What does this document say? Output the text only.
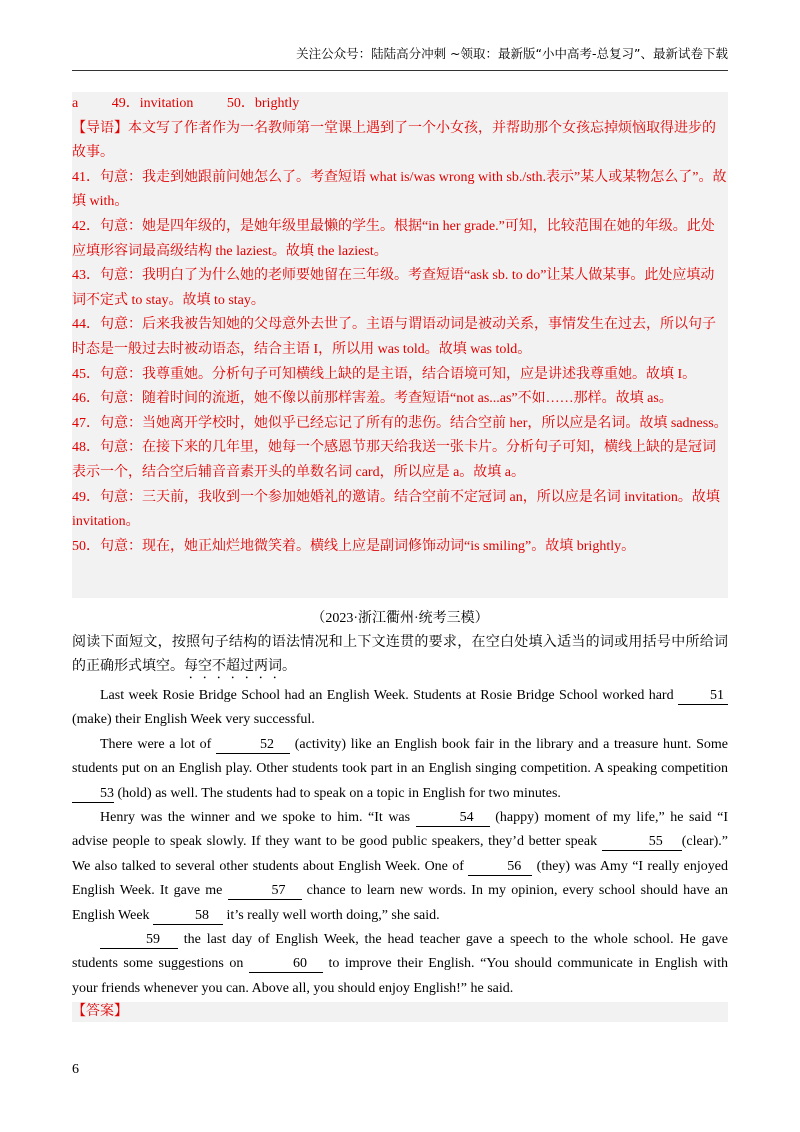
关注公众号：陆陆高分冲刺 ~领取：最新版“小中高考-总复习”、最新试卷下载

a 49．invitation 50．brightly

【导语】本文写了作者作为一名教师第一堂课上遇到了一个小女孩，并帮助那个女孩忘掉烦恼取得进步的故事。

41．句意：我走到她跟前问她怎么了。考查短语 what is/was wrong with sb./sth.表示”某人或某物怎么了”。故填 with。

42．句意：她是四年级的，是她年级里最懒的学生。根据“in her grade.”可知，比较范围在她的年级。此处应填形容词最高级结构 the laziest。故填 the laziest。

43．句意：我明白了为什么她的老师要她留在三年级。考查短语“ask sb. to do”让某人做某事。此处应填动词不定式 to stay。故填 to stay。

44．句意：后来我被告知她的父母意外去世了。主语与谓语动词是被动关系，事情发生在过去，所以句子时态是一般过去时被动语态，结合主语 I，所以用 was told。故填 was told。

45．句意：我尊重她。分析句子可知横线上缺的是主语，结合语境可知，应是讲述我尊重她。故填 I。

46．句意：随着时间的流逝，她不像以前那样害羞。考查短语“not as...as”不如……那样。故填 as。

47．句意：当她离开学校时，她似乎已经忘记了所有的悲伤。结合空前 her，所以应是名词。故填 sadness。

48．句意：在接下来的几年里，她每一个感恩节那天给我送一张卡片。分析句子可知，横线上缺的是冠词表示一个，结合空后辅音音素开头的单数名词 card，所以应是 a。故填 a。

49．句意：三天前，我收到一个参加她婚礼的邀请。结合空前不定冠词 an，所以应是名词 invitation。故填 invitation。

50．句意：现在，她正灿烂地微笑着。横线上应是副词修饰动词“is smiling”。故填 brightly。

（2023·浙江衢州·统考三模）

阅读下面短文，按照句子结构的语法情况和上下文连贯的要求，在空白处填入适当的词或用括号中所给词的正确形式填空。每空不超过两词。

Last week Rosie Bridge School had an English Week. Students at Rosie Bridge School worked hard 51 (make) their English Week very successful.

There were a lot of	52 (activity) like an English book fair in the library and a treasure hunt. Some students put on an English play. Other students took part in an English singing competition. A speaking competition 53 (hold) as well. The students had to speak on a topic in English for two minutes.

Henry was the winner and we spoke to him. “It was	54 (happy) moment of my life,” he said “I advise people to speak slowly. If they want to be good public speakers, they’d better speak	55 (clear).” We also talked to several other students about English Week. One of	56 (they) was Amy “I really enjoyed English Week. It gave me	57 chance to learn new words. In my opinion, every school should have an English Week	58 it’s really well worth doing,” she said.

59 the last day of English Week, the head teacher gave a speech to the whole school. He gave students some suggestions on	60 to improve their English. “You should communicate in English with your friends whenever you can. Above all, you should enjoy English!” he said.

【答案】
6
